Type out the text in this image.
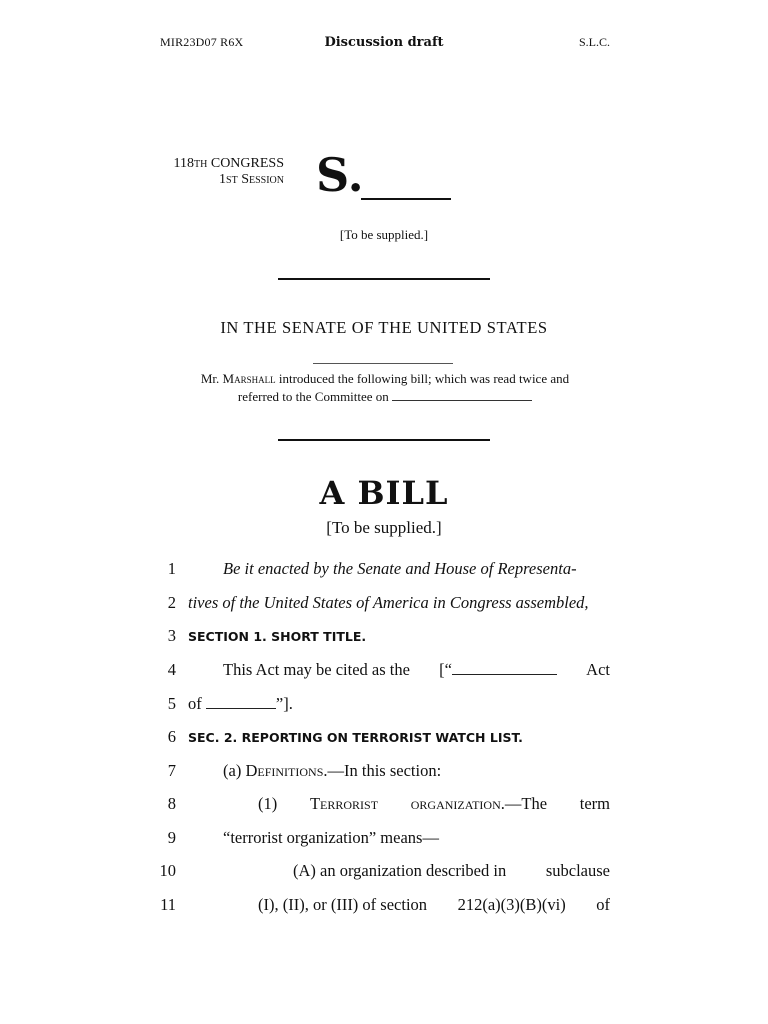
MIR23D07 R6X	Discussion draft	S.L.C.
118th CONGRESS
1st Session S.
[To be supplied.]
IN THE SENATE OF THE UNITED STATES
Mr. Marshall introduced the following bill; which was read twice and
referred to the Committee on
A BILL
[To be supplied.]
1	Be it enacted by the Senate and House of Representa-
2 tives of the United States of America in Congress assembled,
3 SECTION 1. SHORT TITLE.
4	This Act may be cited as the [“	Act
5 of	”].
6 SEC. 2. REPORTING ON TERRORIST WATCH LIST.
7	(a) Definitions.—In this section:
8	(1) Terrorist organization.—The term
9	“terrorist organization” means—
10	(A) an organization described in subclause
11	(I), (II), or (III) of section 212(a)(3)(B)(vi) of
